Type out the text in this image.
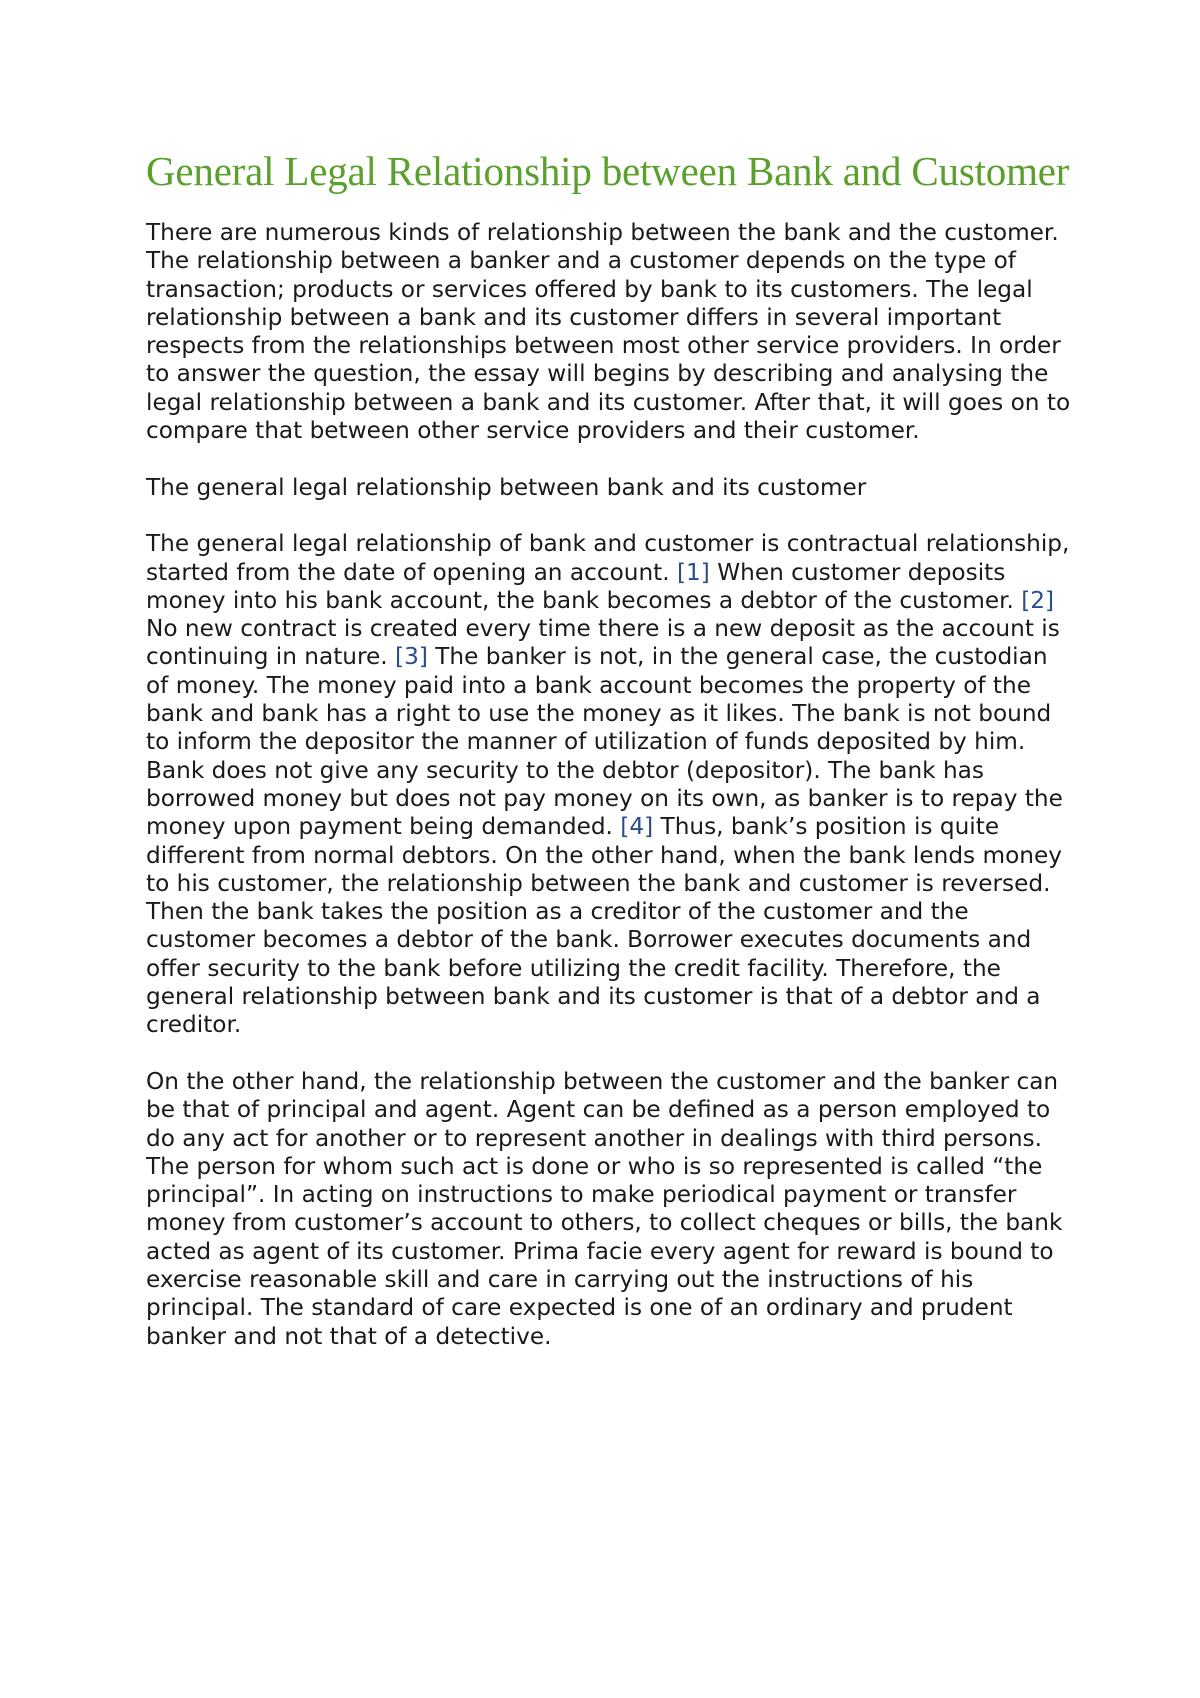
General Legal Relationship between Bank and Customer

There are numerous kinds of relationship between the bank and the customer. The relationship between a banker and a customer depends on the type of transaction; products or services offered by bank to its customers. The legal relationship between a bank and its customer differs in several important respects from the relationships between most other service providers. In order to answer the question, the essay will begins by describing and analysing the legal relationship between a bank and its customer. After that, it will goes on to compare that between other service providers and their customer.

The general legal relationship between bank and its customer

The general legal relationship of bank and customer is contractual relationship, started from the date of opening an account. [1] When customer deposits money into his bank account, the bank becomes a debtor of the customer. [2] No new contract is created every time there is a new deposit as the account is continuing in nature. [3] The banker is not, in the general case, the custodian of money. The money paid into a bank account becomes the property of the bank and bank has a right to use the money as it likes. The bank is not bound to inform the depositor the manner of utilization of funds deposited by him. Bank does not give any security to the debtor (depositor). The bank has borrowed money but does not pay money on its own, as banker is to repay the money upon payment being demanded. [4] Thus, bank’s position is quite different from normal debtors. On the other hand, when the bank lends money to his customer, the relationship between the bank and customer is reversed. Then the bank takes the position as a creditor of the customer and the customer becomes a debtor of the bank. Borrower executes documents and offer security to the bank before utilizing the credit facility. Therefore, the general relationship between bank and its customer is that of a debtor and a creditor.

On the other hand, the relationship between the customer and the banker can be that of principal and agent. Agent can be defined as a person employed to do any act for another or to represent another in dealings with third persons. The person for whom such act is done or who is so represented is called “the principal”. In acting on instructions to make periodical payment or transfer money from customer’s account to others, to collect cheques or bills, the bank acted as agent of its customer. Prima facie every agent for reward is bound to exercise reasonable skill and care in carrying out the instructions of his principal. The standard of care expected is one of an ordinary and prudent banker and not that of a detective.
